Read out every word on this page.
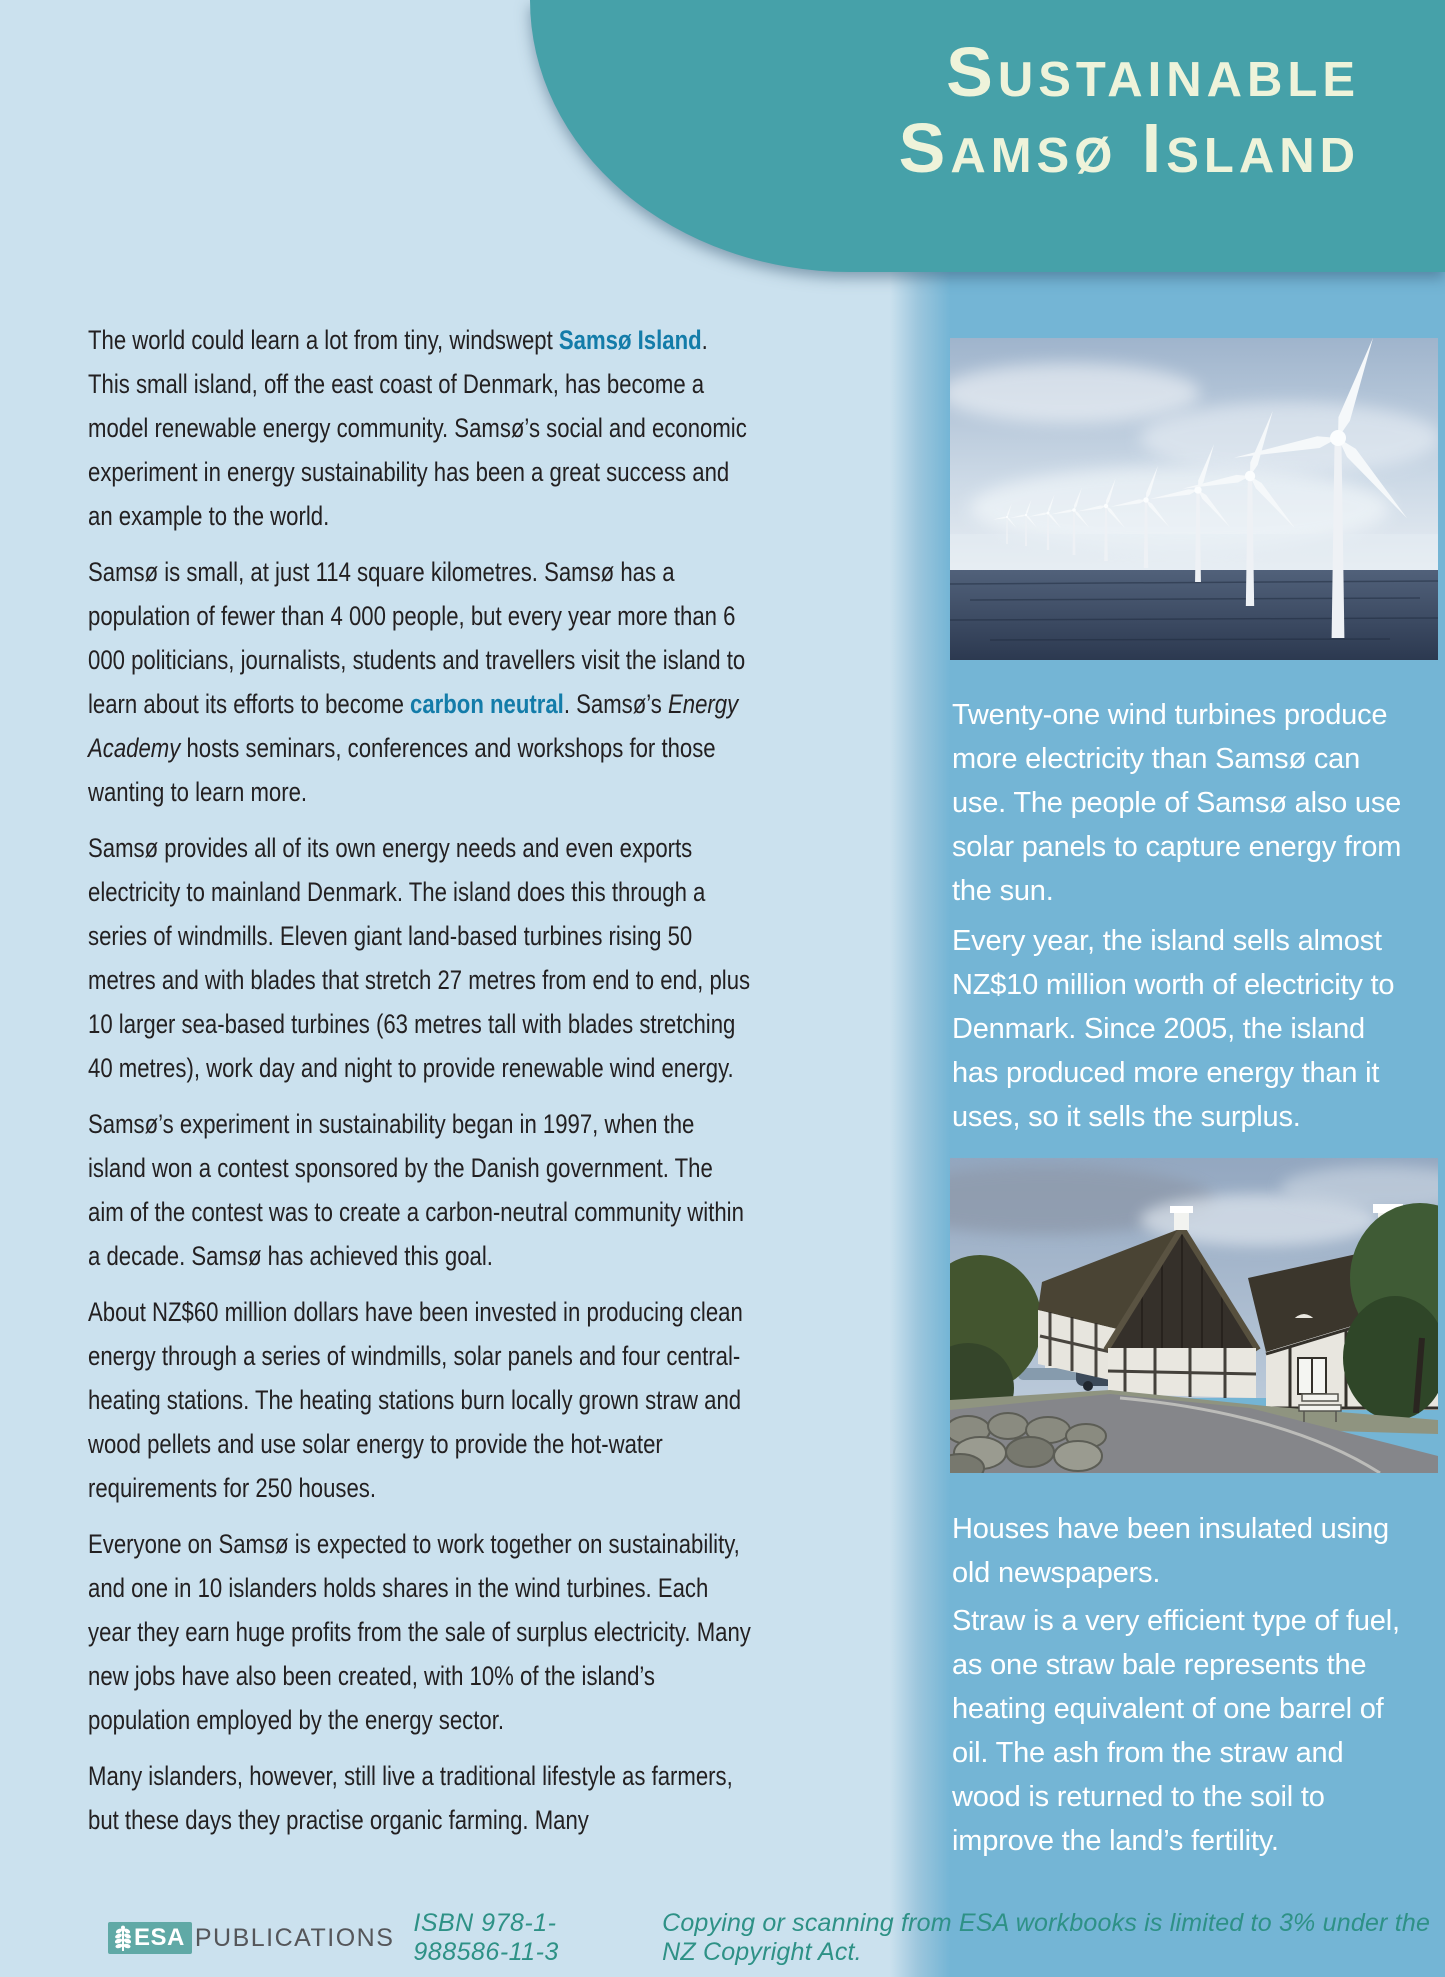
Sustainable
Samsø Island

The world could learn a lot from tiny, windswept Samsø Island. This small island, off the east coast of Denmark, has become a model renewable energy community. Samsø’s social and economic experiment in energy sustainability has been a great success and an example to the world.

Samsø is small, at just 114 square kilometres. Samsø has a population of fewer than 4 000 people, but every year more than 6 000 politicians, journalists, students and travellers visit the island to learn about its efforts to become carbon neutral. Samsø’s Energy Academy hosts seminars, conferences and workshops for those wanting to learn more.

Samsø provides all of its own energy needs and even exports electricity to mainland Denmark. The island does this through a series of windmills. Eleven giant land-based turbines rising 50 metres and with blades that stretch 27 metres from end to end, plus 10 larger sea-based turbines (63 metres tall with blades stretching 40 metres), work day and night to provide renewable wind energy.

Samsø’s experiment in sustainability began in 1997, when the island won a contest sponsored by the Danish government. The aim of the contest was to create a carbon-neutral community within a decade. Samsø has achieved this goal.

About NZ$60 million dollars have been invested in producing clean energy through a series of windmills, solar panels and four central-heating stations. The heating stations burn locally grown straw and wood pellets and use solar energy to provide the hot-water requirements for 250 houses.

Everyone on Samsø is expected to work together on sustainability, and one in 10 islanders holds shares in the wind turbines. Each year they earn huge profits from the sale of surplus electricity. Many new jobs have also been created, with 10% of the island’s population employed by the energy sector.

Many islanders, however, still live a traditional lifestyle as farmers, but these days they practise organic farming. Many

Twenty-one wind turbines produce more electricity than Samsø can use. The people of Samsø also use solar panels to capture energy from the sun.

Every year, the island sells almost NZ$10 million worth of electricity to Denmark. Since 2005, the island has produced more energy than it uses, so it sells the surplus.

Houses have been insulated using old newspapers.

Straw is a very efficient type of fuel, as one straw bale represents the heating equivalent of one barrel of oil. The ash from the straw and wood is returned to the soil to improve the land’s fertility.

ESA PUBLICATIONS
ISBN 978-1-988586-11-3
Copying or scanning from ESA workbooks is limited to 3% under the NZ Copyright Act.
